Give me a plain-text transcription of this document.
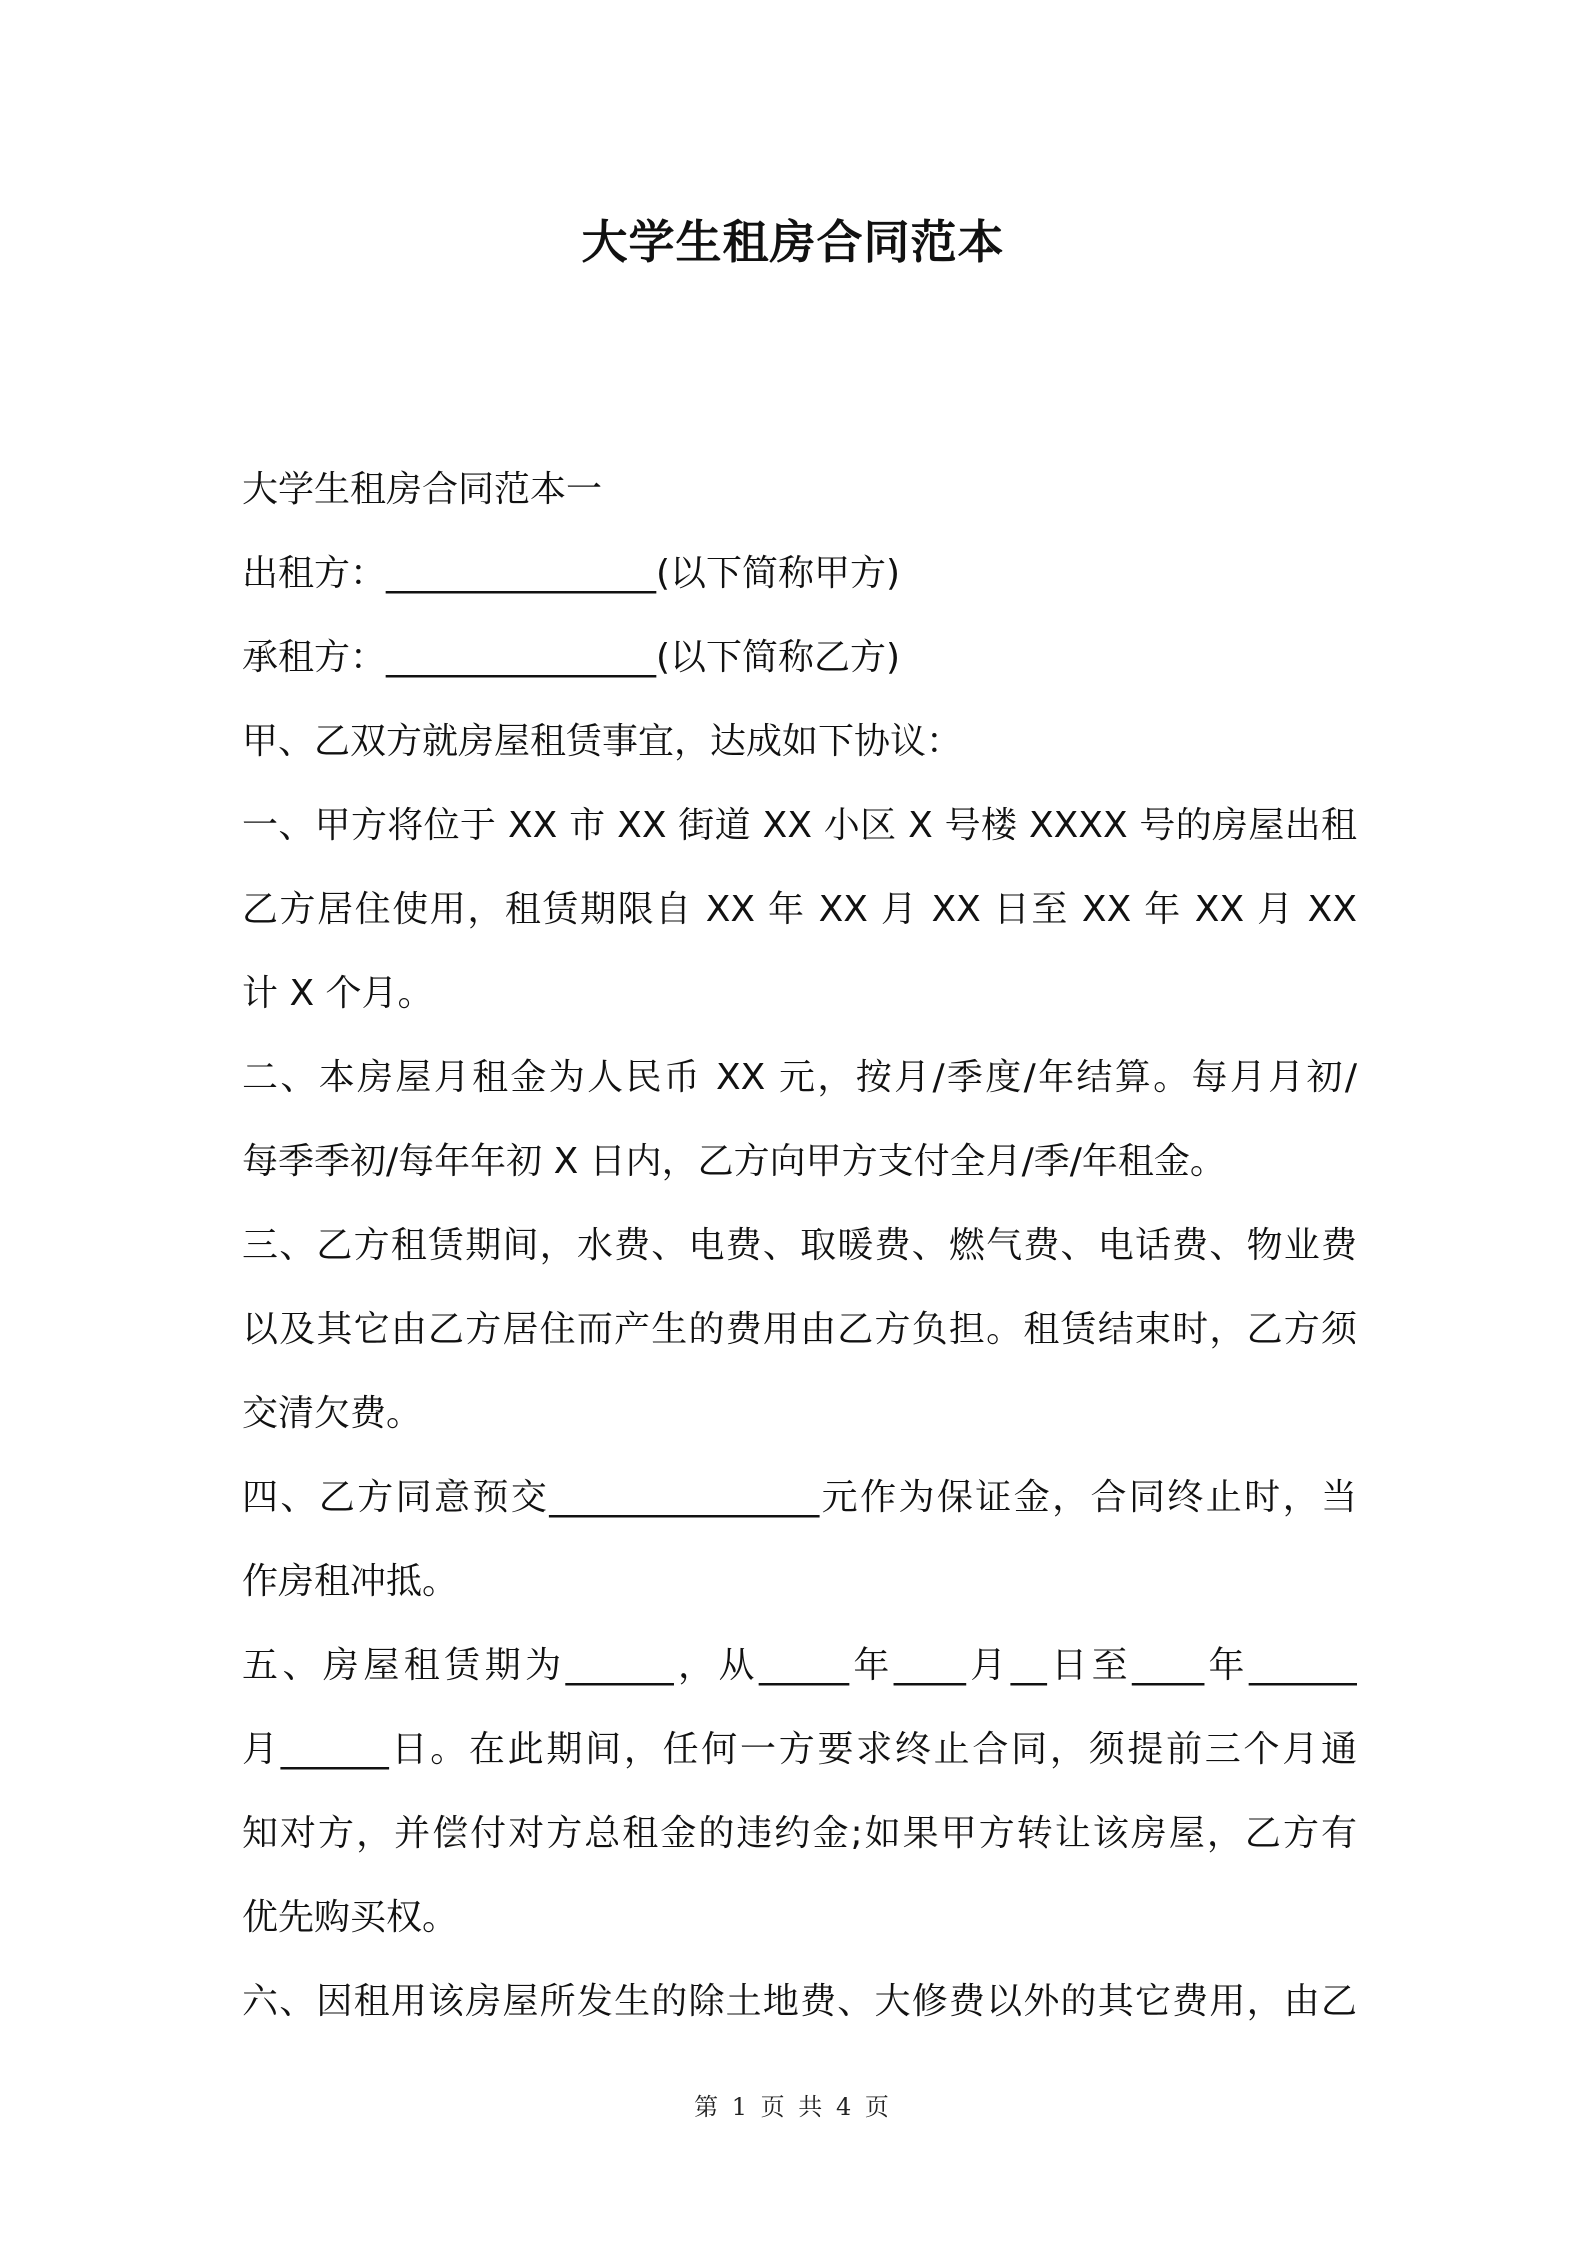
大学生租房合同范本
大学生租房合同范本一
出租方：_______________(以下简称甲方)
承租方：_______________(以下简称乙方)
甲、乙双方就房屋租赁事宜，达成如下协议：
一、甲方将位于 XX 市 XX 街道 XX 小区 X 号楼 XXXX 号的房屋出租
乙方居住使用，租赁期限自 XX 年 XX 月 XX 日至 XX 年 XX 月 XX
计 X 个月。
二、本房屋月租金为人民币 XX 元，按月/季度/年结算。每月月初/
每季季初/每年年初 X 日内，乙方向甲方支付全月/季/年租金。
三、乙方租赁期间，水费、电费、取暖费、燃气费、电话费、物业费
以及其它由乙方居住而产生的费用由乙方负担。租赁结束时，乙方须
交清欠费。
四、乙方同意预交_______________元作为保证金，合同终止时，当
作房租冲抵。
五、房屋租赁期为______，从_____年____月__日至____年______
月______日。在此期间，任何一方要求终止合同，须提前三个月通
知对方，并偿付对方总租金的违约金;如果甲方转让该房屋，乙方有
优先购买权。
六、因租用该房屋所发生的除土地费、大修费以外的其它费用，由乙
第 1 页 共 4 页
